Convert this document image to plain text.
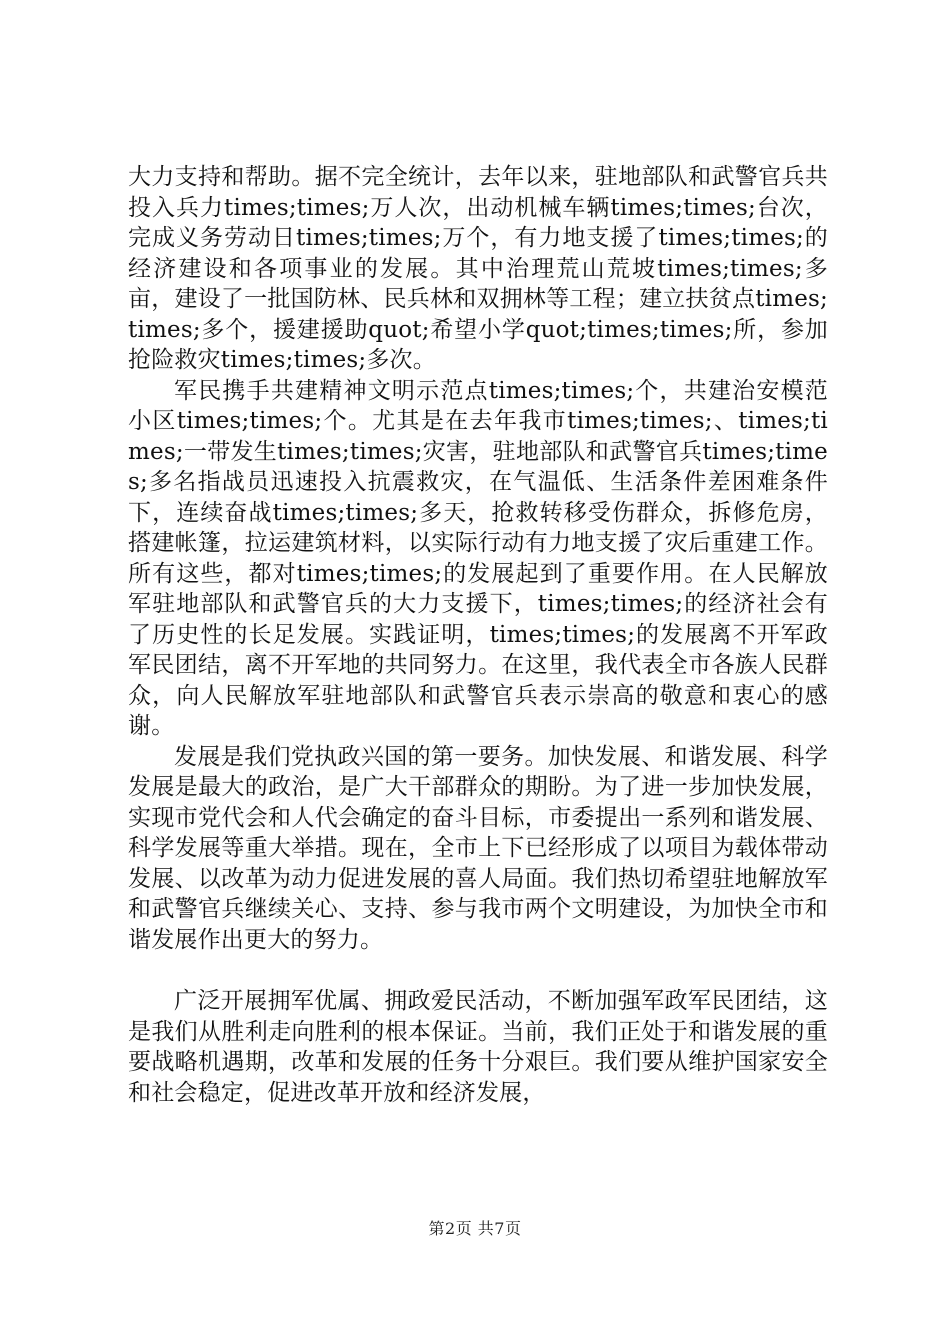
大力支持和帮助。据不完全统计，去年以来，驻地部队和武警官兵共投入兵力times;times;万人次，出动机械车辆times;times;台次，完成义务劳动日times;times;万个，有力地支援了times;times;的经济建设和各项事业的发展。其中治理荒山荒坡times;times;多亩，建设了一批国防林、民兵林和双拥林等工程；建立扶贫点times;times;多个，援建援助quot;希望小学quot;times;times;所，参加抢险救灾times;times;多次。

军民携手共建精神文明示范点times;times;个，共建治安模范小区times;times;个。尤其是在去年我市times;times;、times;times;一带发生times;times;灾害，驻地部队和武警官兵times;times;多名指战员迅速投入抗震救灾，在气温低、生活条件差困难条件下，连续奋战times;times;多天，抢救转移受伤群众，拆修危房，搭建帐篷，拉运建筑材料，以实际行动有力地支援了灾后重建工作。所有这些，都对times;times;的发展起到了重要作用。在人民解放军驻地部队和武警官兵的大力支援下，times;times;的经济社会有了历史性的长足发展。实践证明，times;times;的发展离不开军政军民团结，离不开军地的共同努力。在这里，我代表全市各族人民群众，向人民解放军驻地部队和武警官兵表示崇高的敬意和衷心的感谢。

发展是我们党执政兴国的第一要务。加快发展、和谐发展、科学发展是最大的政治，是广大干部群众的期盼。为了进一步加快发展，实现市党代会和人代会确定的奋斗目标，市委提出一系列和谐发展、科学发展等重大举措。现在，全市上下已经形成了以项目为载体带动发展、以改革为动力促进发展的喜人局面。我们热切希望驻地解放军和武警官兵继续关心、支持、参与我市两个文明建设，为加快全市和谐发展作出更大的努力。

广泛开展拥军优属、拥政爱民活动，不断加强军政军民团结，这是我们从胜利走向胜利的根本保证。当前，我们正处于和谐发展的重要战略机遇期，改革和发展的任务十分艰巨。我们要从维护国家安全和社会稳定，促进改革开放和经济发展，

第2页 共7页
